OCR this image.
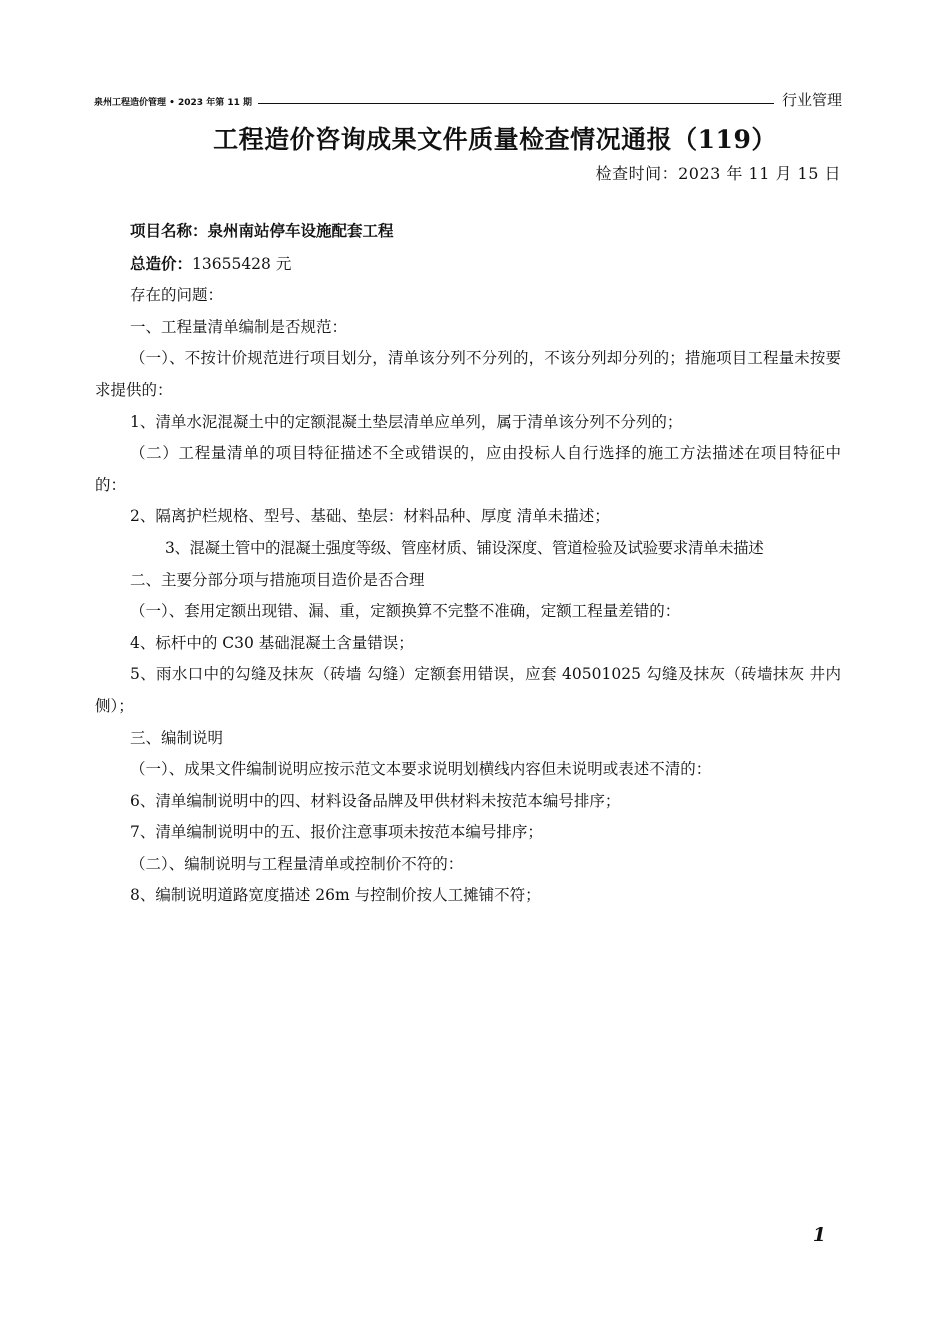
泉州工程造价管理 • 2023 年第 11 期	行业管理
工程造价咨询成果文件质量检查情况通报（119）
检查时间：2023 年 11 月 15 日

项目名称：泉州南站停车设施配套工程

总造价：13655428 元

存在的问题：

一、工程量清单编制是否规范：

（一）、不按计价规范进行项目划分，清单该分列不分列的，不该分列却分列的；措施项目工程量未按要求提供的：

1、清单水泥混凝土中的定额混凝土垫层清单应单列，属于清单该分列不分列的；

（二）工程量清单的项目特征描述不全或错误的，应由投标人自行选择的施工方法描述在项目特征中的：

2、隔离护栏规格、型号、基础、垫层：材料品种、厚度 清单未描述；

3、混凝土管中的混凝土强度等级、管座材质、铺设深度、管道检验及试验要求清单未描述

二、主要分部分项与措施项目造价是否合理

（一）、套用定额出现错、漏、重，定额换算不完整不准确，定额工程量差错的：

4、标杆中的 C30 基础混凝土含量错误；

5、雨水口中的勾缝及抹灰（砖墙 勾缝）定额套用错误，应套 40501025 勾缝及抹灰（砖墙抹灰 井内侧）；

三、编制说明

（一）、成果文件编制说明应按示范文本要求说明划横线内容但未说明或表述不清的：

6、清单编制说明中的四、材料设备品牌及甲供材料未按范本编号排序；

7、清单编制说明中的五、报价注意事项未按范本编号排序；

（二）、编制说明与工程量清单或控制价不符的：

8、编制说明道路宽度描述 26m 与控制价按人工摊铺不符；

1
